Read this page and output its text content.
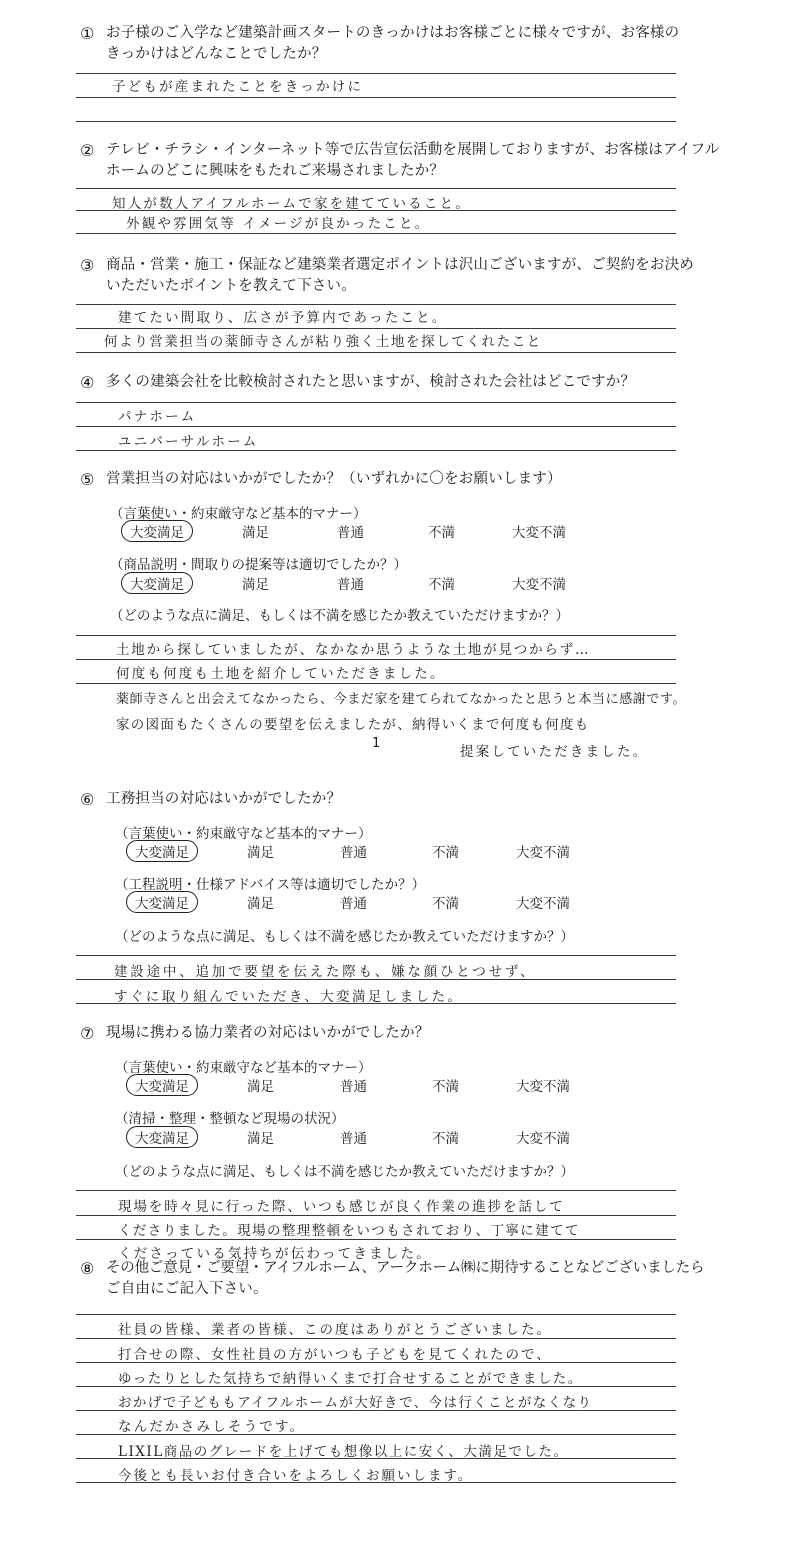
① お子様のご入学など建築計画スタートのきっかけはお客様ごとに様々ですが、お客様の
きっかけはどんなことでしたか？
子どもが産まれたことをきっかけに
② テレビ・チラシ・インターネット等で広告宣伝活動を展開しておりますが、お客様はアイフル
ホームのどこに興味をもたれご来場されましたか？
知人が数人アイフルホームで家を建てていること。
外観や雰囲気等 イメージが良かったこと。
③ 商品・営業・施工・保証など建築業者選定ポイントは沢山ございますが、ご契約をお決め
いただいたポイントを教えて下さい。
建てたい間取り、広さが予算内であったこと。
何より営業担当の薬師寺さんが粘り強く土地を探してくれたこと
④ 多くの建築会社を比較検討されたと思いますが、検討された会社はどこですか？
パナホーム
ユニバーサルホーム
⑤ 営業担当の対応はいかがでしたか？（いずれかに〇をお願いします）
（言葉使い・約束厳守など基本的マナー）
大変満足	満足	普通	不満	大変不満
（商品説明・間取りの提案等は適切でしたか？）
大変満足	満足	普通	不満	大変不満
（どのような点に満足、もしくは不満を感じたか教えていただけますか？）
土地から探していましたが、なかなか思うような土地が見つからず…
何度も何度も土地を紹介していただきました。
薬師寺さんと出会えてなかったら、今まだ家を建てられてなかったと思うと本当に感謝です。
家の図面もたくさんの要望を伝えましたが、納得いくまで何度も何度も
1
提案していただきました。
⑥ 工務担当の対応はいかがでしたか？
（言葉使い・約束厳守など基本的マナー）
大変満足	満足	普通	不満	大変不満
（工程説明・仕様アドバイス等は適切でしたか？）
大変満足	満足	普通	不満	大変不満
（どのような点に満足、もしくは不満を感じたか教えていただけますか？）
建設途中、追加で要望を伝えた際も、嫌な顔ひとつせず、
すぐに取り組んでいただき、大変満足しました。
⑦ 現場に携わる協力業者の対応はいかがでしたか？
（言葉使い・約束厳守など基本的マナー）
大変満足	満足	普通	不満	大変不満
（清掃・整理・整頓など現場の状況）
大変満足	満足	普通	不満	大変不満
（どのような点に満足、もしくは不満を感じたか教えていただけますか？）
現場を時々見に行った際、いつも感じが良く作業の進捗を話して
くださりました。現場の整理整頓をいつもされており、丁寧に建てて
くださっている気持ちが伝わってきました。
⑧ その他ご意見・ご要望・アイフルホーム、アークホーム㈱に期待することなどございましたら
ご自由にご記入下さい。
社員の皆様、業者の皆様、この度はありがとうございました。
打合せの際、女性社員の方がいつも子どもを見てくれたので、
ゆったりとした気持ちで納得いくまで打合せすることができました。
おかげで子どももアイフルホームが大好きで、今は行くことがなくなり
なんだかさみしそうです。
LIXIL商品のグレードを上げても想像以上に安く、大満足でした。
今後とも長いお付き合いをよろしくお願いします。
